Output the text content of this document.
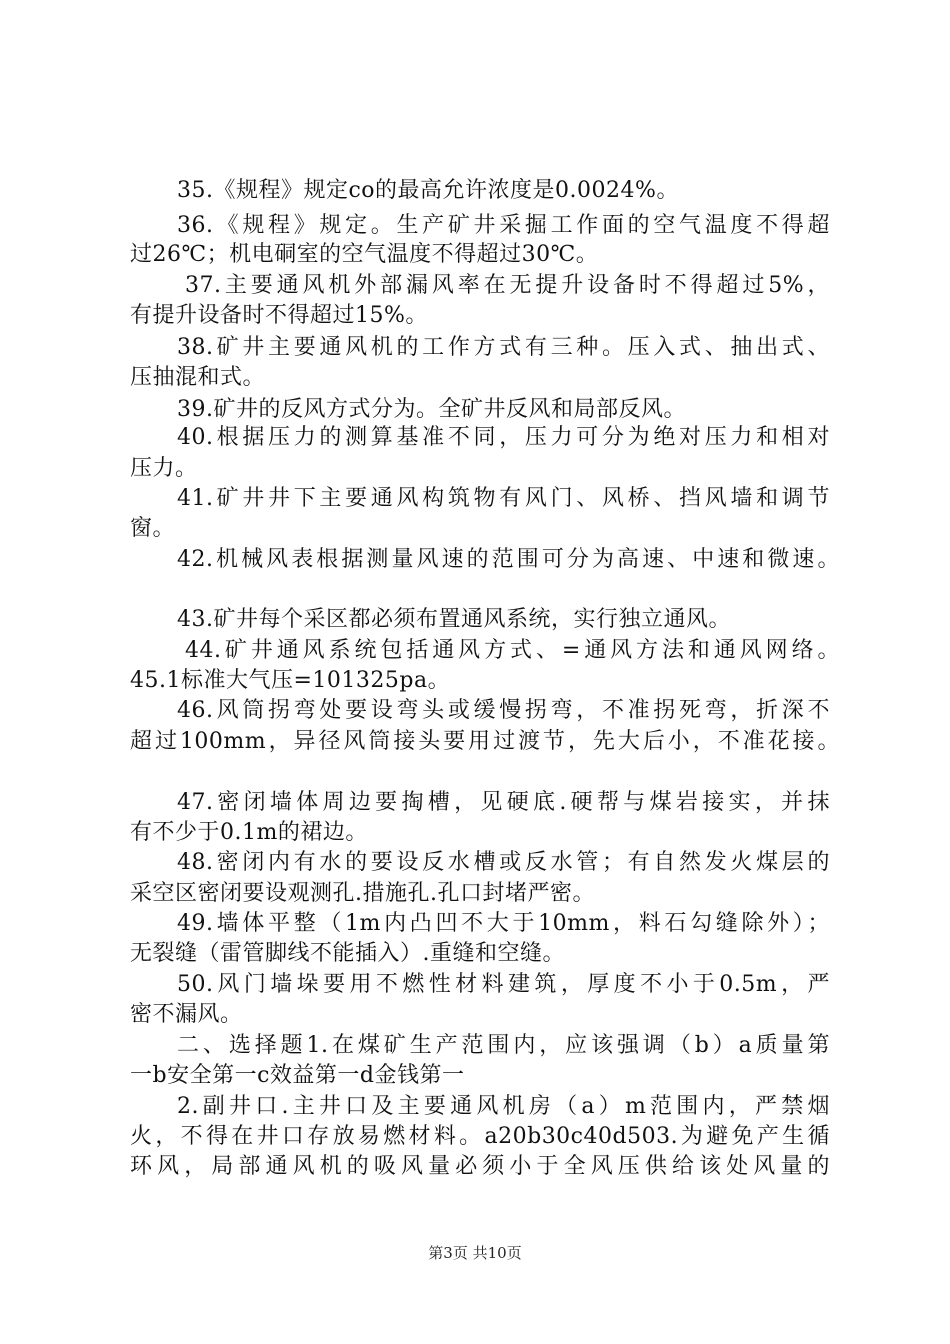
35.《规程》规定co的最高允许浓度是0.0024%。
36.《规程》规定。生产矿井采掘工作面的空气温度不得超
过26℃；机电硐室的空气温度不得超过30℃。
37.主要通风机外部漏风率在无提升设备时不得超过5%，
有提升设备时不得超过15%。
38.矿井主要通风机的工作方式有三种。压入式、抽出式、
压抽混和式。
39.矿井的反风方式分为。全矿井反风和局部反风。
40.根据压力的测算基准不同，压力可分为绝对压力和相对
压力。
41.矿井井下主要通风构筑物有风门、风桥、挡风墙和调节
窗。
42.机械风表根据测量风速的范围可分为高速、中速和微速。
43.矿井每个采区都必须布置通风系统，实行独立通风。
44.矿井通风系统包括通风方式、=通风方法和通风网络。
45.1标准大气压=101325pa。
46.风筒拐弯处要设弯头或缓慢拐弯，不准拐死弯，折深不
超过100mm，异径风筒接头要用过渡节，先大后小，不准花接。
47.密闭墙体周边要掏槽，见硬底.硬帮与煤岩接实，并抹
有不少于0.1m的裙边。
48.密闭内有水的要设反水槽或反水管；有自然发火煤层的
采空区密闭要设观测孔.措施孔.孔口封堵严密。
49.墙体平整（1m内凸凹不大于10mm，料石勾缝除外）；
无裂缝（雷管脚线不能插入）.重缝和空缝。
50.风门墙垛要用不燃性材料建筑，厚度不小于0.5m，严
密不漏风。
二、选择题1.在煤矿生产范围内，应该强调（b）a质量第
一b安全第一c效益第一d金钱第一
2.副井口.主井口及主要通风机房（a）m范围内，严禁烟
火，不得在井口存放易燃材料。a20b30c40d503.为避免产生循
环风，局部通风机的吸风量必须小于全风压供给该处风量的
第3页 共10页
